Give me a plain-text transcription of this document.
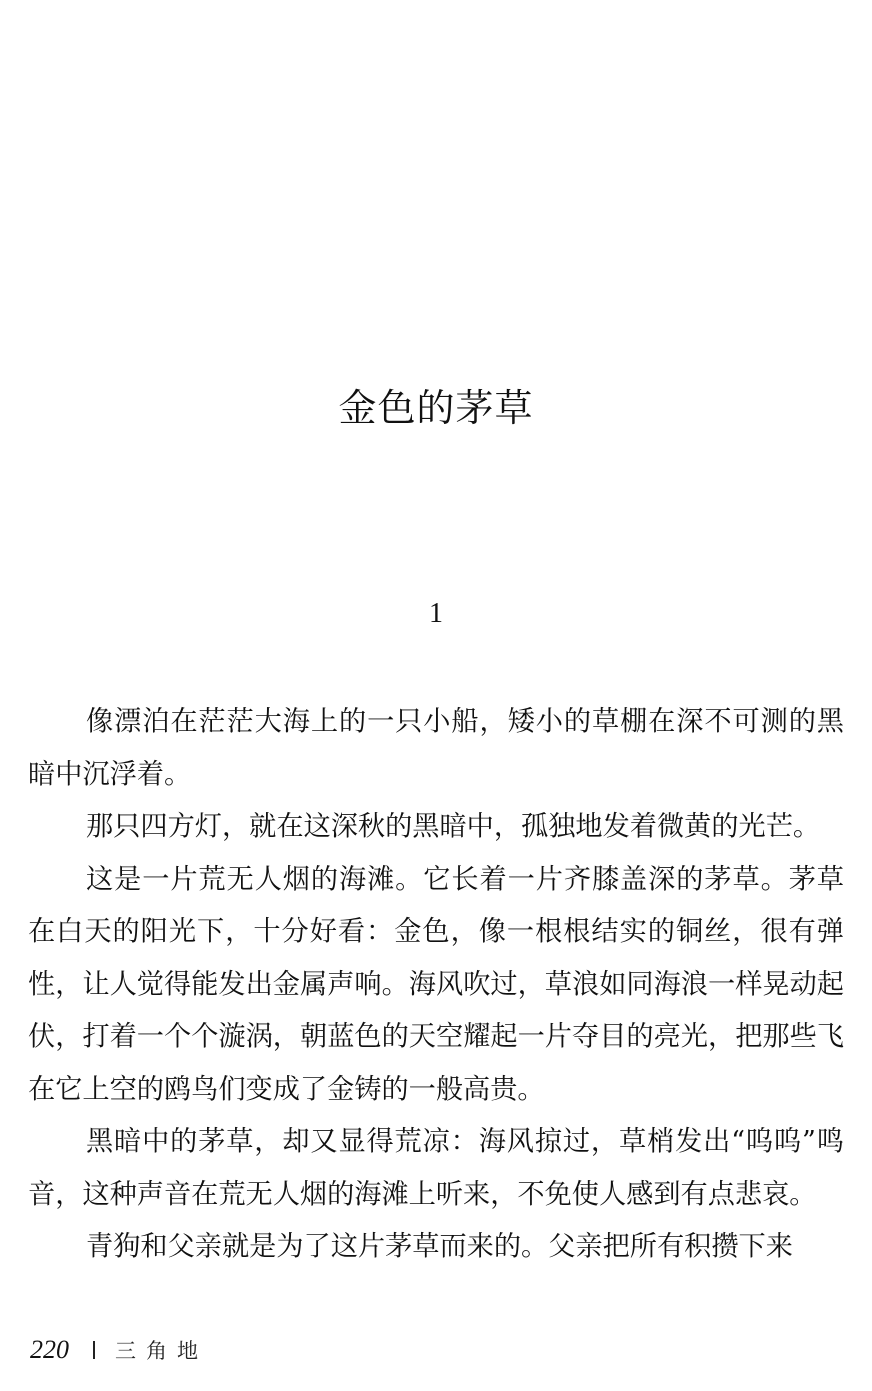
金色的茅草
1

像漂泊在茫茫大海上的一只小船，矮小的草棚在深不可测的黑暗中沉浮着。

那只四方灯，就在这深秋的黑暗中，孤独地发着微黄的光芒。

这是一片荒无人烟的海滩。它长着一片齐膝盖深的茅草。茅草在白天的阳光下，十分好看：金色，像一根根结实的铜丝，很有弹性，让人觉得能发出金属声响。海风吹过，草浪如同海浪一样晃动起伏，打着一个个漩涡，朝蓝色的天空耀起一片夺目的亮光，把那些飞在它上空的鸥鸟们变成了金铸的一般高贵。

黑暗中的茅草，却又显得荒凉：海风掠过，草梢发出“呜呜”鸣音，这种声音在荒无人烟的海滩上听来，不免使人感到有点悲哀。

青狗和父亲就是为了这片茅草而来的。父亲把所有积攒下来

220 三角地
